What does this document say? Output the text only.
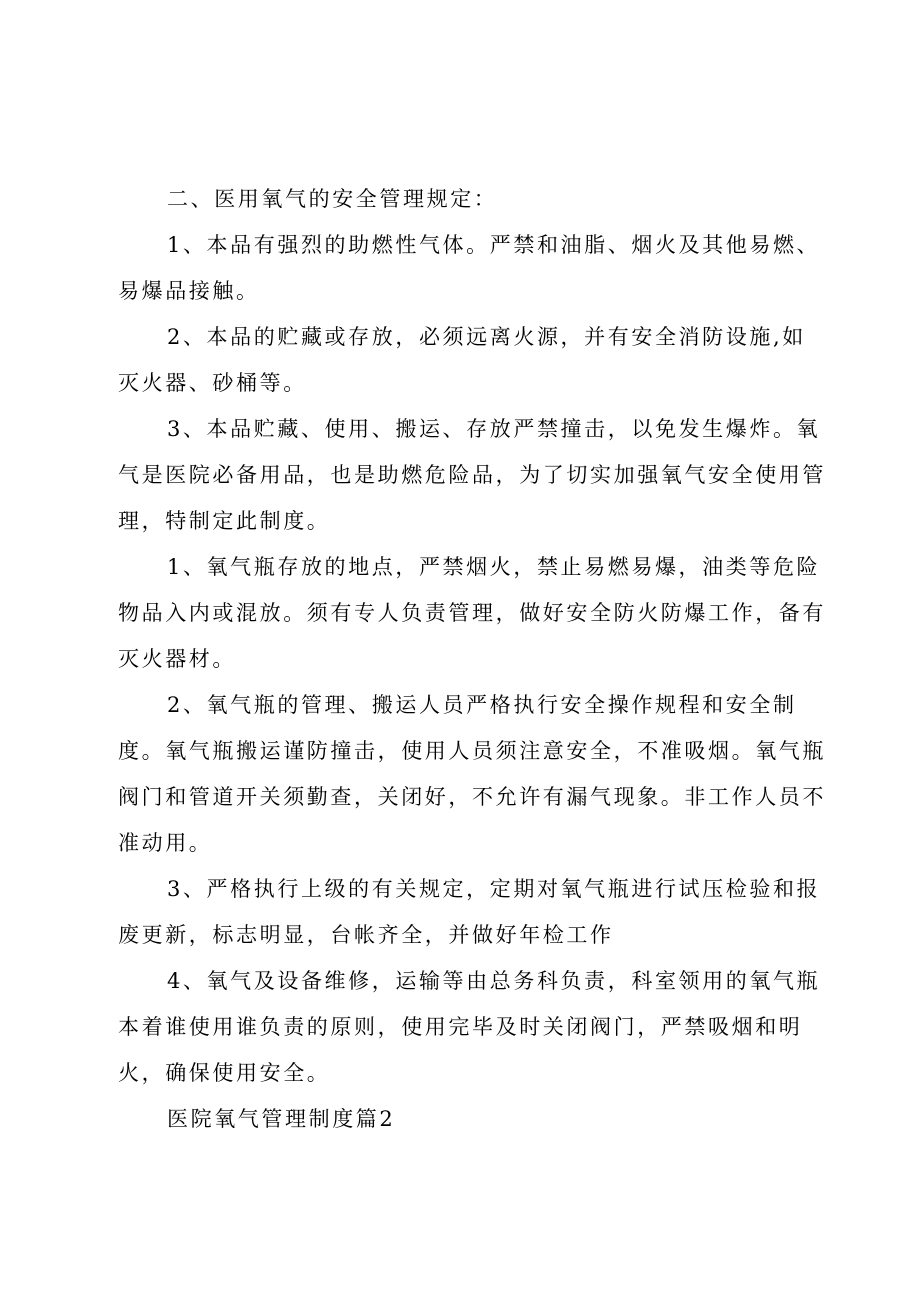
二、医用氧气的安全管理规定：

1、本品有强烈的助燃性气体。严禁和油脂、烟火及其他易燃、易爆品接触。

2、本品的贮藏或存放，必须远离火源，并有安全消防设施,如灭火器、砂桶等。

3、本品贮藏、使用、搬运、存放严禁撞击，以免发生爆炸。氧气是医院必备用品，也是助燃危险品，为了切实加强氧气安全使用管理，特制定此制度。

1、氧气瓶存放的地点，严禁烟火，禁止易燃易爆，油类等危险物品入内或混放。须有专人负责管理，做好安全防火防爆工作，备有灭火器材。

2、氧气瓶的管理、搬运人员严格执行安全操作规程和安全制度。氧气瓶搬运谨防撞击，使用人员须注意安全，不准吸烟。氧气瓶阀门和管道开关须勤查，关闭好，不允许有漏气现象。非工作人员不准动用。

3、严格执行上级的有关规定，定期对氧气瓶进行试压检验和报废更新，标志明显，台帐齐全，并做好年检工作

4、氧气及设备维修，运输等由总务科负责，科室领用的氧气瓶本着谁使用谁负责的原则，使用完毕及时关闭阀门，严禁吸烟和明火，确保使用安全。

医院氧气管理制度篇2
